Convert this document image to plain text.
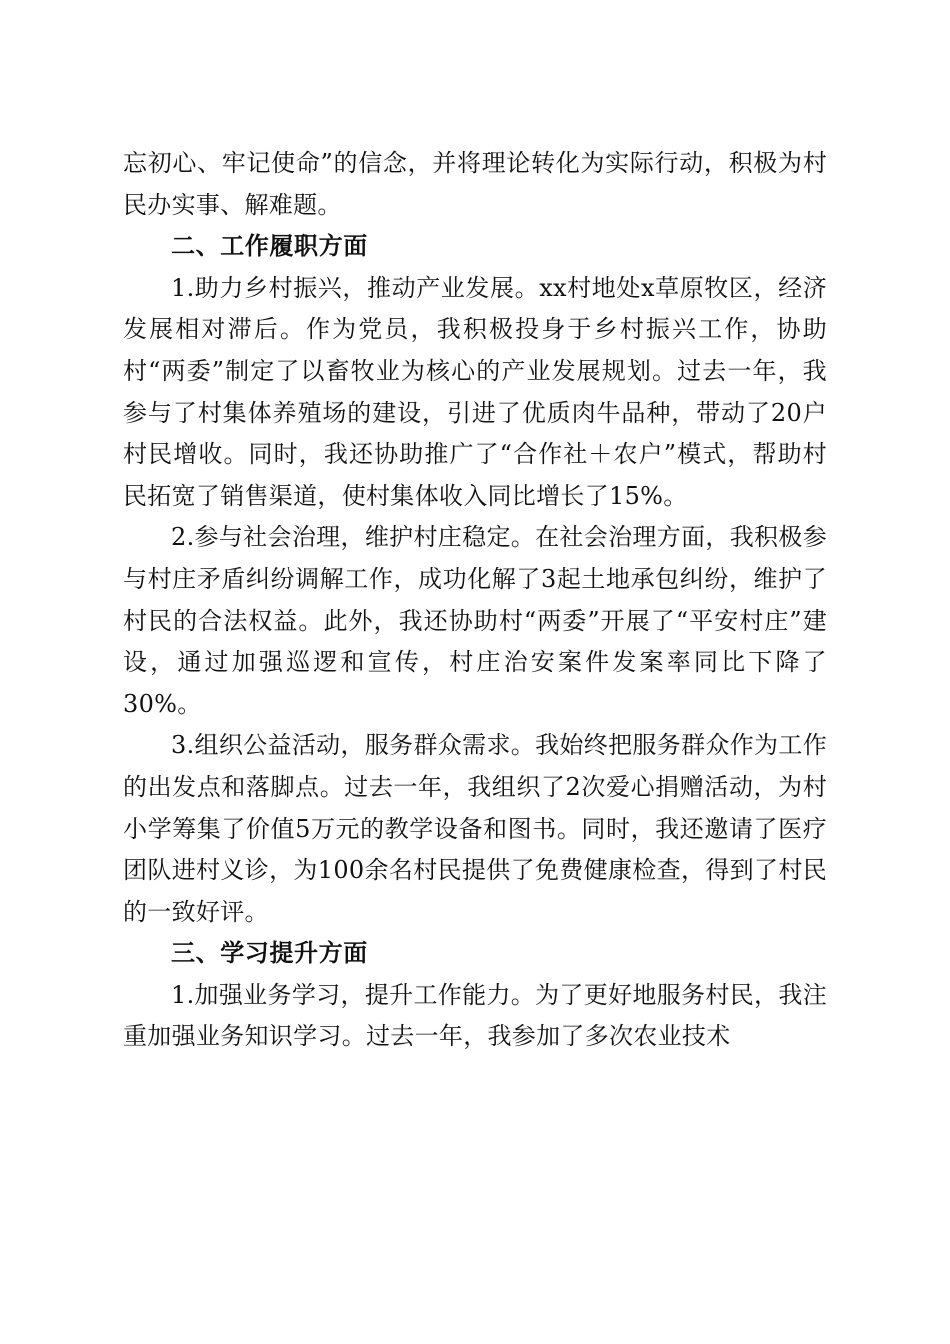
忘初心、牢记使命”的信念，并将理论转化为实际行动，积极为村民办实事、解难题。

二、工作履职方面

1.助力乡村振兴，推动产业发展。xx村地处x草原牧区，经济发展相对滞后。作为党员，我积极投身于乡村振兴工作，协助村“两委”制定了以畜牧业为核心的产业发展规划。过去一年，我参与了村集体养殖场的建设，引进了优质肉牛品种，带动了20户村民增收。同时，我还协助推广了“合作社＋农户”模式，帮助村民拓宽了销售渠道，使村集体收入同比增长了15%。

2.参与社会治理，维护村庄稳定。在社会治理方面，我积极参与村庄矛盾纠纷调解工作，成功化解了3起土地承包纠纷，维护了村民的合法权益。此外，我还协助村“两委”开展了“平安村庄”建设，通过加强巡逻和宣传，村庄治安案件发案率同比下降了30%。

3.组织公益活动，服务群众需求。我始终把服务群众作为工作的出发点和落脚点。过去一年，我组织了2次爱心捐赠活动，为村小学筹集了价值5万元的教学设备和图书。同时，我还邀请了医疗团队进村义诊，为100余名村民提供了免费健康检查，得到了村民的一致好评。

三、学习提升方面

1.加强业务学习，提升工作能力。为了更好地服务村民，我注重加强业务知识学习。过去一年，我参加了多次农业技术
